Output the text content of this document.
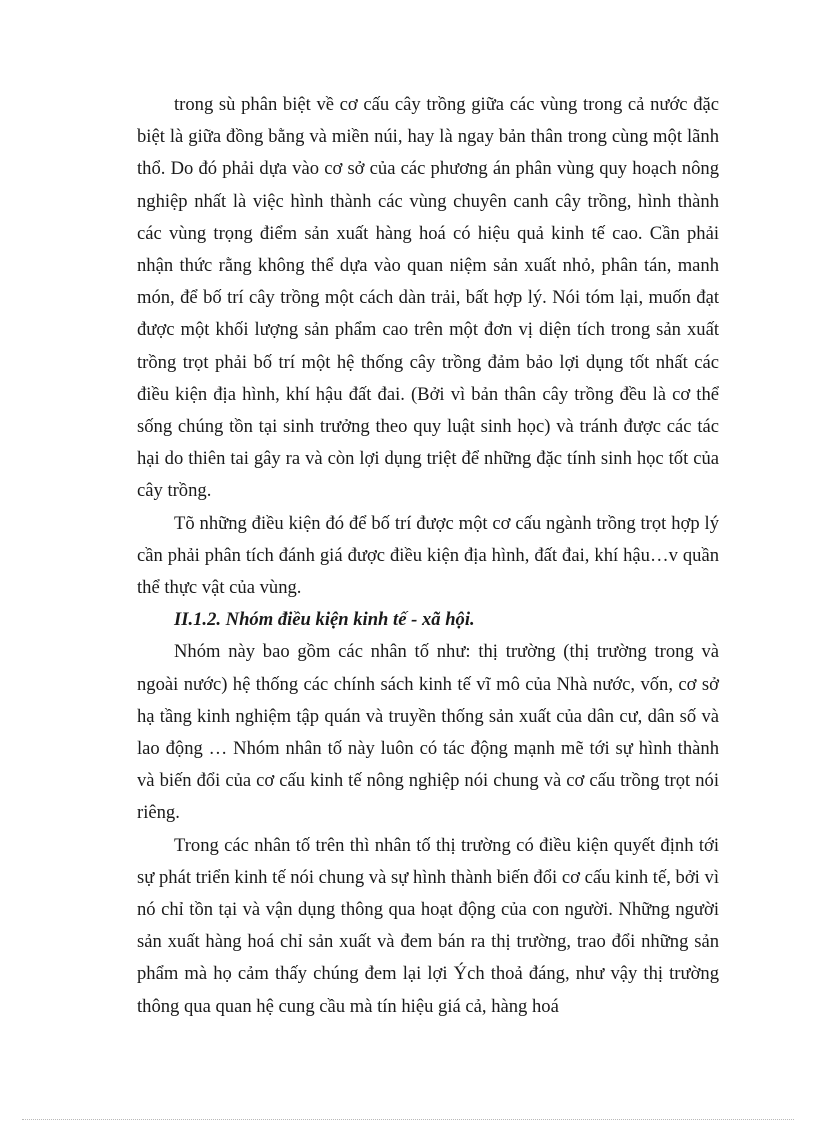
trong sù phân biệt về cơ cấu cây trồng giữa các vùng trong cả nước đặc biệt là giữa đồng bằng và miền núi, hay là ngay bản thân trong cùng một lãnh thổ. Do đó phải dựa vào cơ sở của các phương án phân vùng quy hoạch nông nghiệp nhất là việc hình thành các vùng chuyên canh cây trồng, hình thành các vùng trọng điểm sản xuất hàng hoá có hiệu quả kinh tế cao. Cần phải nhận thức rằng không thể dựa vào quan niệm sản xuất nhỏ, phân tán, manh món, để bố trí cây trồng một cách dàn trải, bất hợp lý. Nói tóm lại, muốn đạt được một khối lượng sản phẩm cao trên một đơn vị diện tích trong sản xuất trồng trọt phải bố trí một hệ thống cây trồng đảm bảo lợi dụng tốt nhất các điều kiện địa hình, khí hậu đất đai. (Bởi vì bản thân cây trồng đều là cơ thể sống chúng tồn tại sinh trưởng theo quy luật sinh học) và tránh được các tác hại do thiên tai gây ra và còn lợi dụng triệt để những đặc tính sinh học tốt của cây trồng.

Tõ những điều kiện đó để bố trí được một cơ cấu ngành trồng trọt hợp lý cần phải phân tích đánh giá được điều kiện địa hình, đất đai, khí hậu…v quần thể thực vật của vùng.

II.1.2. Nhóm điều kiện kinh tế - xã hội.

Nhóm này bao gồm các nhân tố như: thị trường (thị trường trong và ngoài nước) hệ thống các chính sách kinh tế vĩ mô của Nhà nước, vốn, cơ sở hạ tầng kinh nghiệm tập quán và truyền thống sản xuất của dân cư, dân số và lao động … Nhóm nhân tố này luôn có tác động mạnh mẽ tới sự hình thành và biến đổi của cơ cấu kinh tế nông nghiệp nói chung và cơ cấu trồng trọt nói riêng.

Trong các nhân tố trên thì nhân tố thị trường có điều kiện quyết định tới sự phát triển kinh tế nói chung và sự hình thành biến đổi cơ cấu kinh tế, bởi vì nó chỉ tồn tại và vận dụng thông qua hoạt động của con người. Những người sản xuất hàng hoá chỉ sản xuất và đem bán ra thị trường, trao đổi những sản phẩm mà họ cảm thấy chúng đem lại lợi Ých thoả đáng, như vậy thị trường thông qua quan hệ cung cầu mà tín hiệu giá cả, hàng hoá
